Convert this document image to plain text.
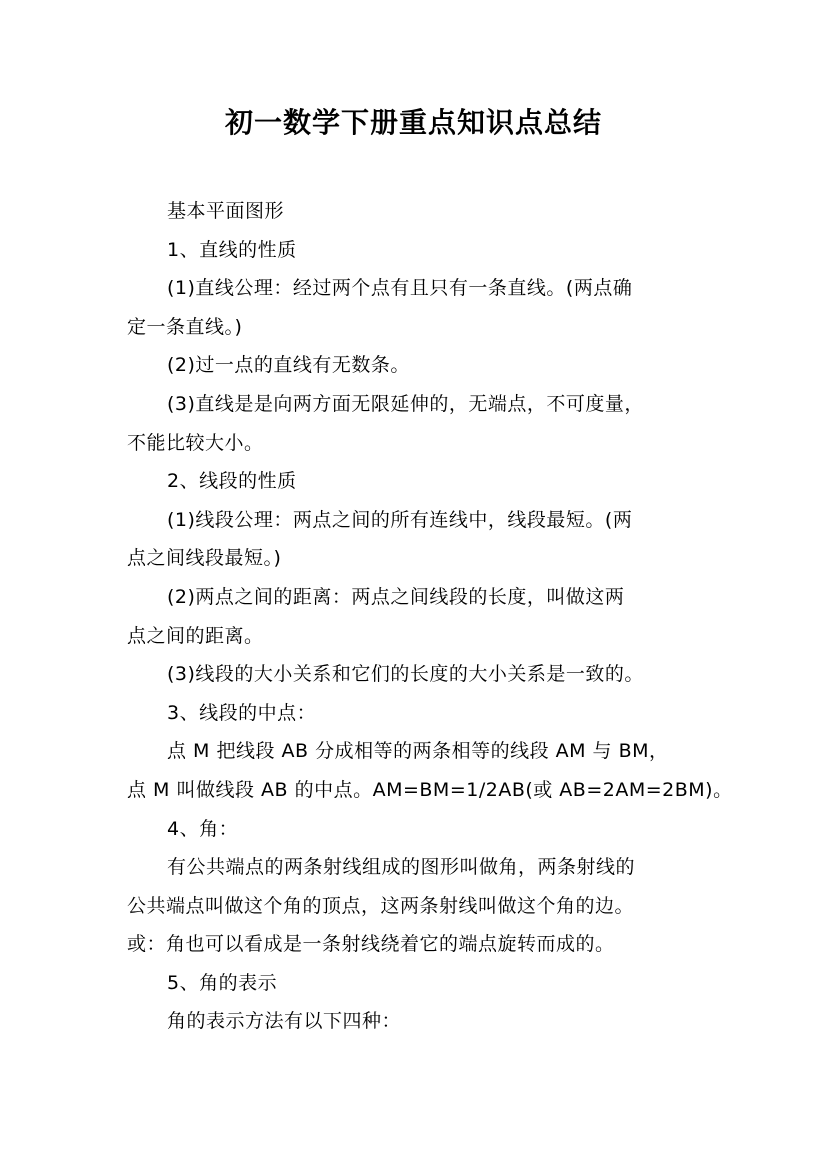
初一数学下册重点知识点总结

基本平面图形

1、直线的性质

(1)直线公理：经过两个点有且只有一条直线。(两点确

定一条直线。)

(2)过一点的直线有无数条。

(3)直线是是向两方面无限延伸的，无端点，不可度量，

不能比较大小。

2、线段的性质

(1)线段公理：两点之间的所有连线中，线段最短。(两

点之间线段最短。)

(2)两点之间的距离：两点之间线段的长度，叫做这两

点之间的距离。

(3)线段的大小关系和它们的长度的大小关系是一致的。

3、线段的中点：

点 M 把线段 AB 分成相等的两条相等的线段 AM 与 BM，

点 M 叫做线段 AB 的中点。AM=BM=1/2AB(或 AB=2AM=2BM)。

4、角：

有公共端点的两条射线组成的图形叫做角，两条射线的

公共端点叫做这个角的顶点，这两条射线叫做这个角的边。

或：角也可以看成是一条射线绕着它的端点旋转而成的。

5、角的表示

角的表示方法有以下四种：
